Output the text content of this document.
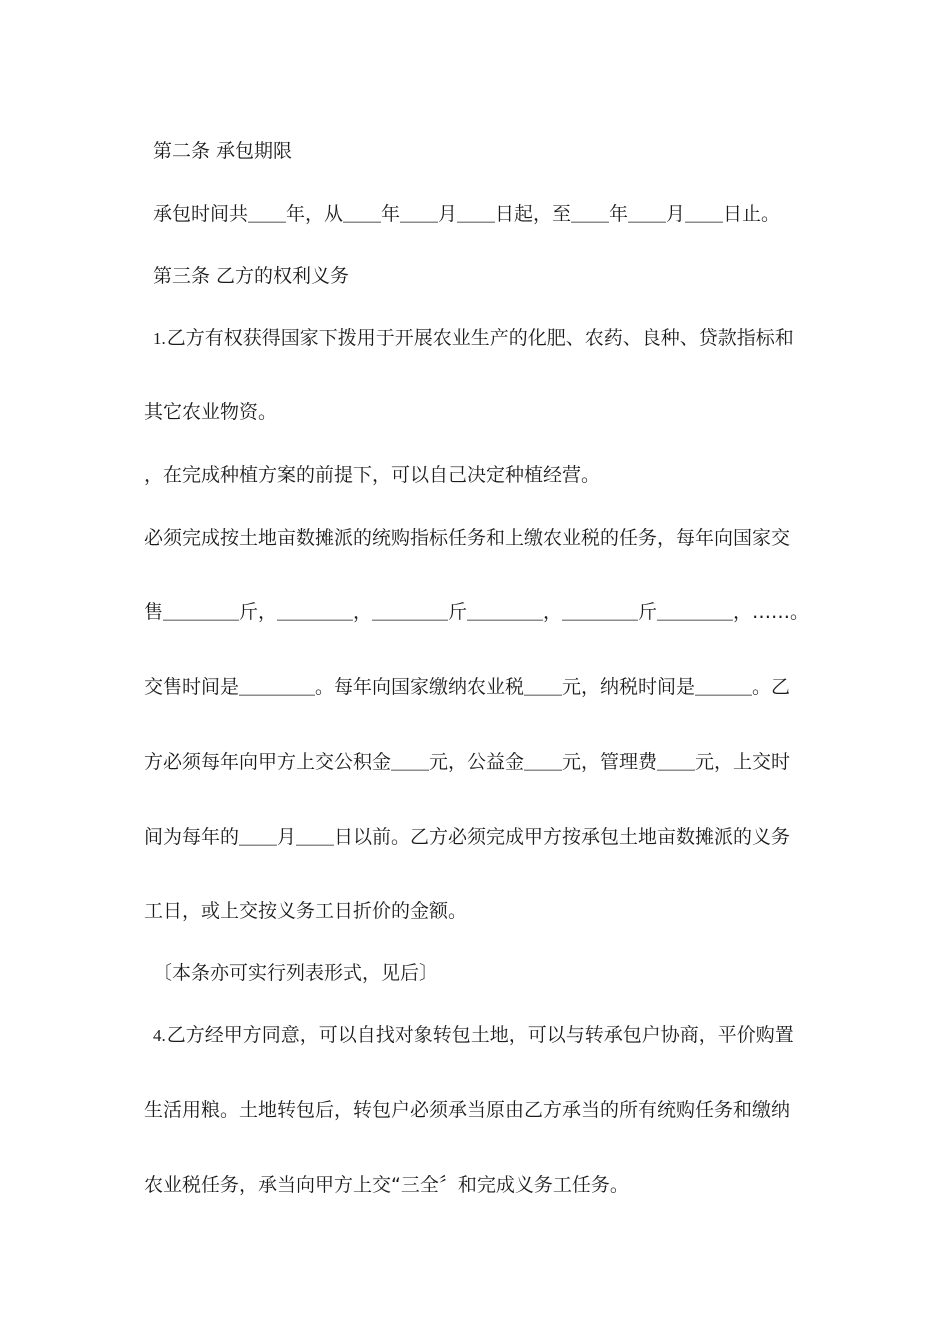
第二条 承包期限
承包时间共＿＿年，从＿＿年＿＿月＿＿日起，至＿＿年＿＿月＿＿日止。
第三条 乙方的权利义务
1.乙方有权获得国家下拨用于开展农业生产的化肥、农药、良种、贷款指标和
其它农业物资。
，在完成种植方案的前提下，可以自己决定种植经营。
必须完成按土地亩数摊派的统购指标任务和上缴农业税的任务，每年向国家交
售＿＿＿＿斤，＿＿＿＿，＿＿＿＿斤＿＿＿＿，＿＿＿＿斤＿＿＿＿，……。
交售时间是＿＿＿＿。每年向国家缴纳农业税＿＿元，纳税时间是＿＿＿。乙
方必须每年向甲方上交公积金＿＿元，公益金＿＿元，管理费＿＿元，上交时
间为每年的＿＿月＿＿日以前。乙方必须完成甲方按承包土地亩数摊派的义务
工日，或上交按义务工日折价的金额。
〔本条亦可实行列表形式，见后〕
4.乙方经甲方同意，可以自找对象转包土地，可以与转承包户协商，平价购置
生活用粮。土地转包后，转包户必须承当原由乙方承当的所有统购任务和缴纳
农业税任务，承当向甲方上交“三全〞和完成义务工任务。
